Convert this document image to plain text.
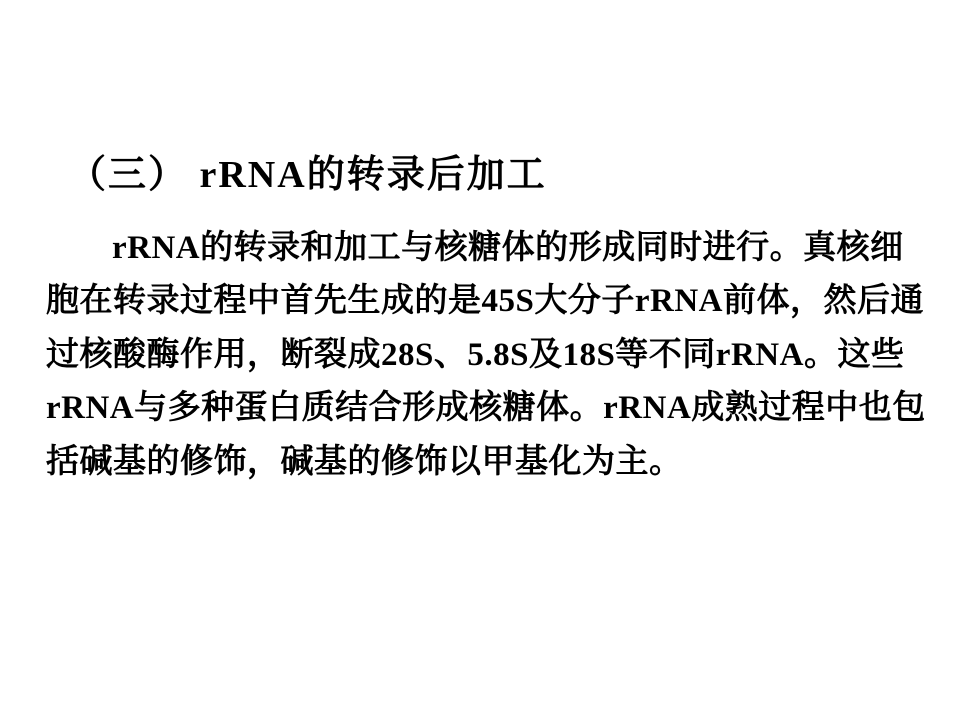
（三） rRNA的转录后加工

rRNA的转录和加工与核糖体的形成同时进行。真核细胞在转录过程中首先生成的是45S大分子rRNA前体，然后通过核酸酶作用，断裂成28S、5.8S及18S等不同rRNA。这些rRNA与多种蛋白质结合形成核糖体。rRNA成熟过程中也包括碱基的修饰，碱基的修饰以甲基化为主。
